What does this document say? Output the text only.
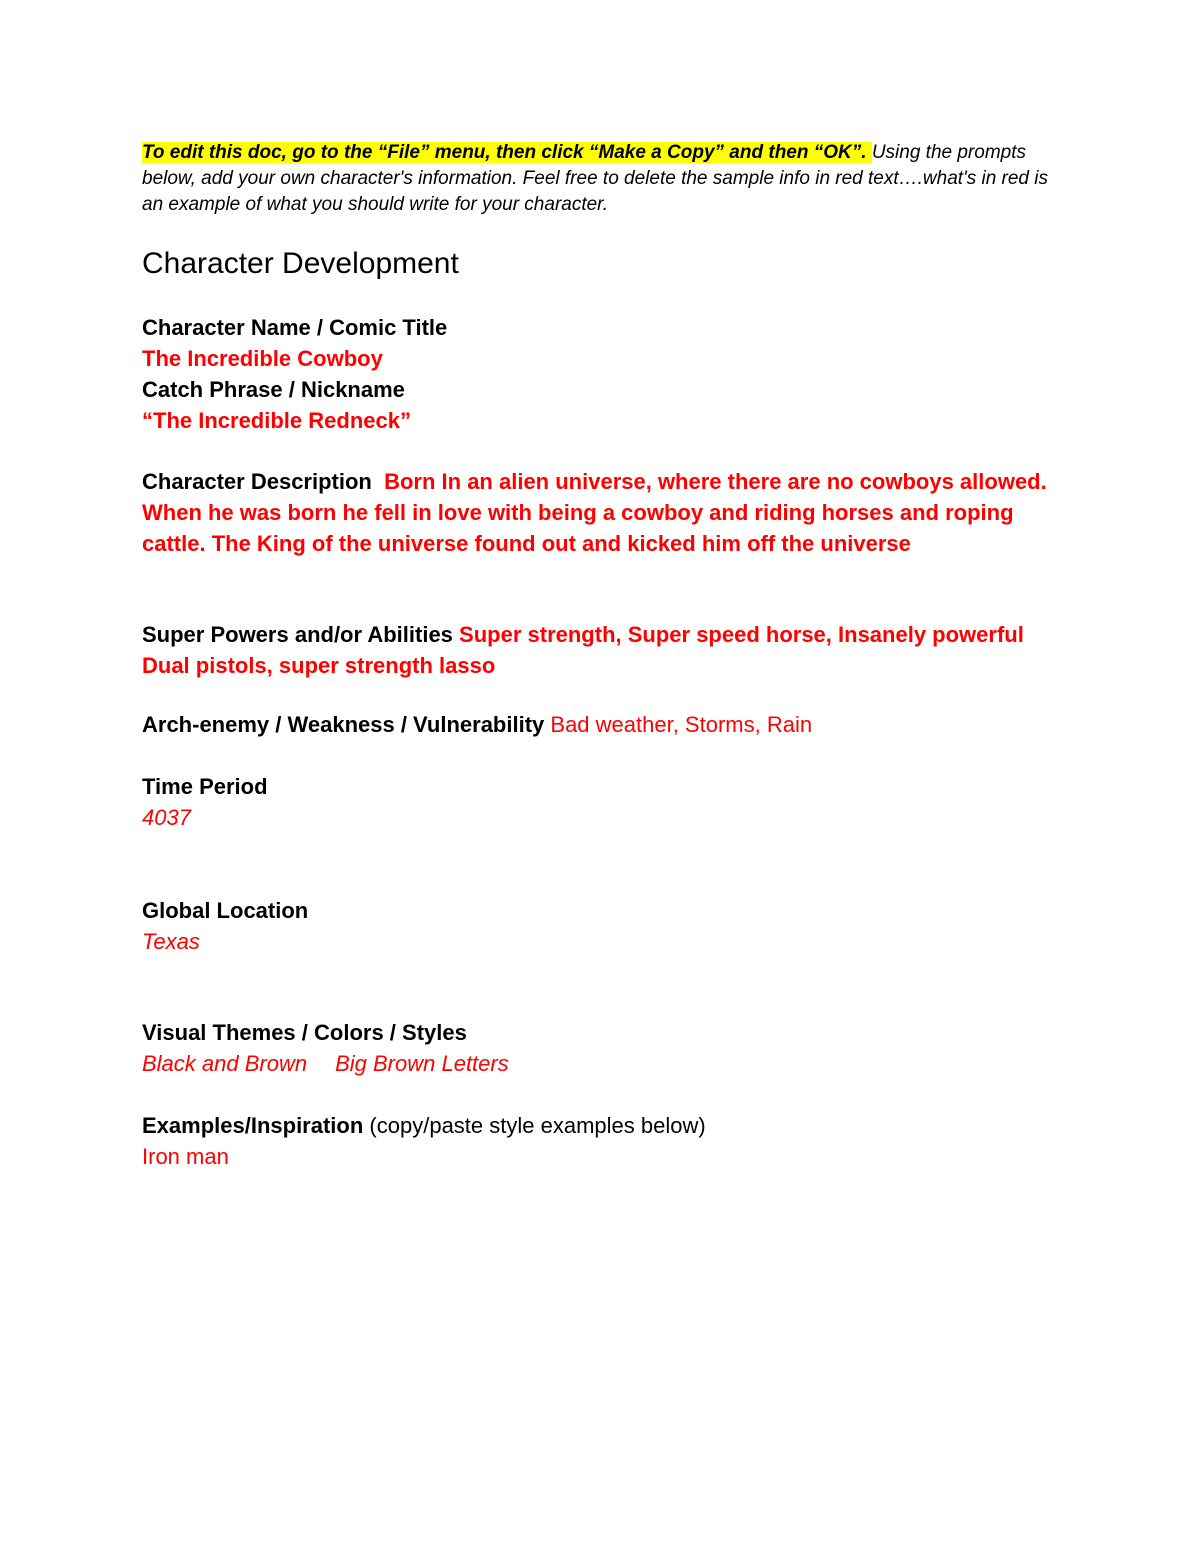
To edit this doc, go to the “File” menu, then click “Make a Copy” and then “OK”. Using the prompts below, add your own character's information. Feel free to delete the sample info in red text….what's in red is an example of what you should write for your character.

Character Development
Character Name / Comic Title
The Incredible Cowboy
Catch Phrase / Nickname
“The Incredible Redneck”
Character Description Born In an alien universe, where there are no cowboys allowed. When he was born he fell in love with being a cowboy and riding horses and roping cattle. The King of the universe found out and kicked him off the universe
Super Powers and/or Abilities Super strength, Super speed horse, Insanely powerful Dual pistols, super strength lasso
Arch-enemy / Weakness / Vulnerability Bad weather, Storms, Rain
Time Period
4037
Global Location
Texas
Visual Themes / Colors / Styles
Black and Brown Big Brown Letters
Examples/Inspiration (copy/paste style examples below)
Iron man
